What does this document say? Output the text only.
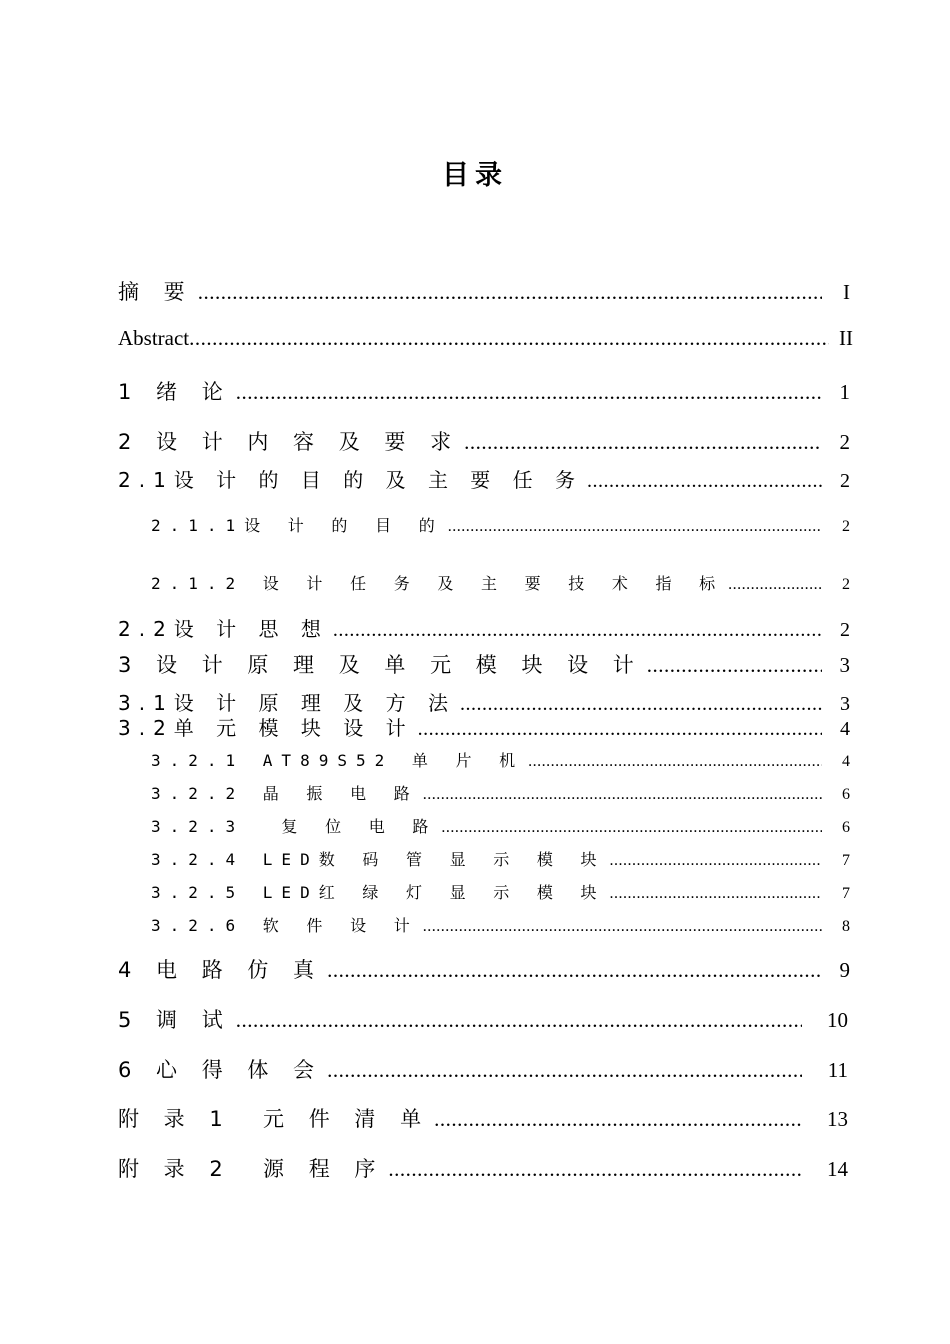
目录
摘 要 .....	I
Abstract .....	II
1 绪 论 .....	1
2 设 计 内 容 及 要 求 .....	2
2.1设 计 的 目 的 及 主 要 任 务 .....	2
2.1.1设 计 的 目 的 .....	2
2.1.2 设 计 任 务 及 主 要 技 术 指 标 .....	2
2.2设 计 思 想 .....	2
3 设 计 原 理 及 单 元 模 块 设 计 .....	3
3.1设 计 原 理 及 方 法 .....	3
3.2单 元 模 块 设 计 .....	4
3.2.1 AT89S52 单 片 机 .....	4
3.2.2 晶 振 电 路 .....	6
3.2.3  复 位 电 路 .....	6
3.2.4 LED数 码 管 显 示 模 块 .....	7
3.2.5 LED红 绿 灯 显 示 模 块 .....	7
3.2.6 软 件 设 计 .....	8
4 电 路 仿 真 .....	9
5 调 试 .....	10
6 心 得 体 会 .....	11
附 录 1  元 件 清 单 .....	13
附 录 2  源 程 序 .....	14
